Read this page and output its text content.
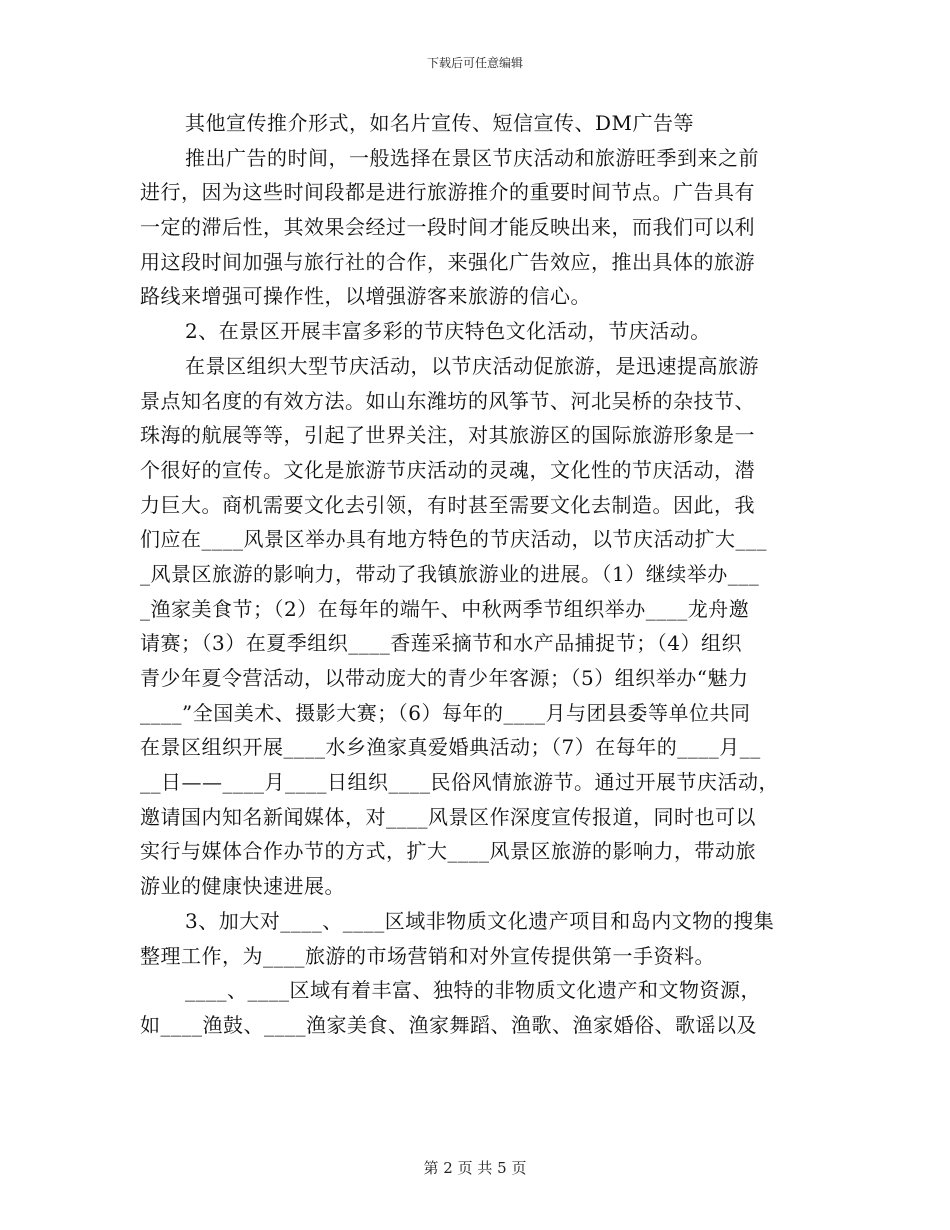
下载后可任意编辑
其他宣传推介形式，如名片宣传、短信宣传、DM广告等
推出广告的时间，一般选择在景区节庆活动和旅游旺季到来之前
进行，因为这些时间段都是进行旅游推介的重要时间节点。广告具有
一定的滞后性，其效果会经过一段时间才能反映出来，而我们可以利
用这段时间加强与旅行社的合作，来强化广告效应，推出具体的旅游
路线来增强可操作性，以增强游客来旅游的信心。
2、在景区开展丰富多彩的节庆特色文化活动，节庆活动。
在景区组织大型节庆活动，以节庆活动促旅游，是迅速提高旅游
景点知名度的有效方法。如山东潍坊的风筝节、河北吴桥的杂技节、
珠海的航展等等，引起了世界关注，对其旅游区的国际旅游形象是一
个很好的宣传。文化是旅游节庆活动的灵魂，文化性的节庆活动，潜
力巨大。商机需要文化去引领，有时甚至需要文化去制造。因此，我
们应在____风景区举办具有地方特色的节庆活动，以节庆活动扩大___
_风景区旅游的影响力，带动了我镇旅游业的进展。（1）继续举办___
_渔家美食节；（2）在每年的端午、中秋两季节组织举办____龙舟邀
请赛；（3）在夏季组织____香莲采摘节和水产品捕捉节；（4）组织
青少年夏令营活动，以带动庞大的青少年客源；（5）组织举办“魅力
____”全国美术、摄影大赛；（6）每年的____月与团县委等单位共同
在景区组织开展____水乡渔家真爱婚典活动；（7）在每年的____月__
__日——____月____日组织____民俗风情旅游节。通过开展节庆活动，
邀请国内知名新闻媒体，对____风景区作深度宣传报道，同时也可以
实行与媒体合作办节的方式，扩大____风景区旅游的影响力，带动旅
游业的健康快速进展。
3、加大对____、____区域非物质文化遗产项目和岛内文物的搜集
整理工作，为____旅游的市场营销和对外宣传提供第一手资料。
____、____区域有着丰富、独特的非物质文化遗产和文物资源，
如____渔鼓、____渔家美食、渔家舞蹈、渔歌、渔家婚俗、歌谣以及
第 2 页 共 5 页
